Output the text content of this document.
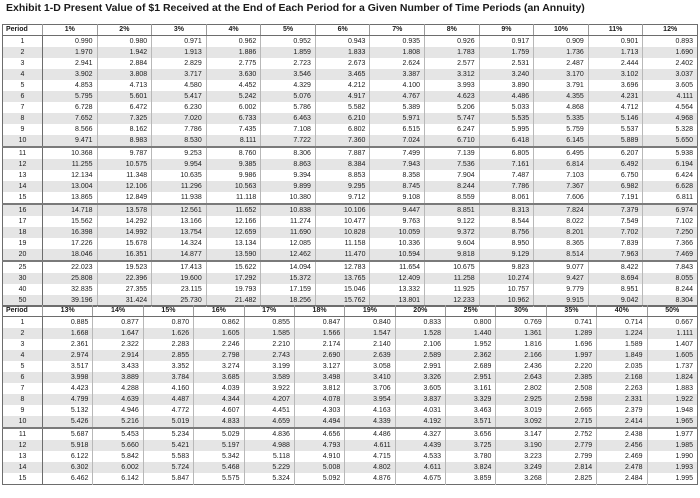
Exhibit 1-D Present Value of $1 Received at the End of Each Period for a Given Number of Time Periods (an Annuity)
Period	1%	2%	3%	4%	5%	6%	7%	8%	9%	10%	11%	12%
1	0.990	0.980	0.971	0.962	0.952	0.943	0.935	0.926	0.917	0.909	0.901	0.893
2	1.970	1.942	1.913	1.886	1.859	1.833	1.808	1.783	1.759	1.736	1.713	1.690
3	2.941	2.884	2.829	2.775	2.723	2.673	2.624	2.577	2.531	2.487	2.444	2.402
4	3.902	3.808	3.717	3.630	3.546	3.465	3.387	3.312	3.240	3.170	3.102	3.037
5	4.853	4.713	4.580	4.452	4.329	4.212	4.100	3.993	3.890	3.791	3.696	3.605
6	5.795	5.601	5.417	5.242	5.076	4.917	4.767	4.623	4.486	4.355	4.231	4.111
7	6.728	6.472	6.230	6.002	5.786	5.582	5.389	5.206	5.033	4.868	4.712	4.564
8	7.652	7.325	7.020	6.733	6.463	6.210	5.971	5.747	5.535	5.335	5.146	4.968
9	8.566	8.162	7.786	7.435	7.108	6.802	6.515	6.247	5.995	5.759	5.537	5.328
10	9.471	8.983	8.530	8.111	7.722	7.360	7.024	6.710	6.418	6.145	5.889	5.650
11	10.368	9.787	9.253	8.760	8.306	7.887	7.499	7.139	6.805	6.495	6.207	5.938
12	11.255	10.575	9.954	9.385	8.863	8.384	7.943	7.536	7.161	6.814	6.492	6.194
13	12.134	11.348	10.635	9.986	9.394	8.853	8.358	7.904	7.487	7.103	6.750	6.424
14	13.004	12.106	11.296	10.563	9.899	9.295	8.745	8.244	7.786	7.367	6.982	6.628
15	13.865	12.849	11.938	11.118	10.380	9.712	9.108	8.559	8.061	7.606	7.191	6.811
16	14.718	13.578	12.561	11.652	10.838	10.106	9.447	8.851	8.313	7.824	7.379	6.974
17	15.562	14.292	13.166	12.166	11.274	10.477	9.763	9.122	8.544	8.022	7.549	7.102
18	16.398	14.992	13.754	12.659	11.690	10.828	10.059	9.372	8.756	8.201	7.702	7.250
19	17.226	15.678	14.324	13.134	12.085	11.158	10.336	9.604	8.950	8.365	7.839	7.366
20	18.046	16.351	14.877	13.590	12.462	11.470	10.594	9.818	9.129	8.514	7.963	7.469
25	22.023	19.523	17.413	15.622	14.094	12.783	11.654	10.675	9.823	9.077	8.422	7.843
30	25.808	22.396	19.600	17.292	15.372	13.765	12.409	11.258	10.274	9.427	8.694	8.055
40	32.835	27.355	23.115	19.793	17.159	15.046	13.332	11.925	10.757	9.779	8.951	8.244
50	39.196	31.424	25.730	21.482	18.256	15.762	13.801	12.233	10.962	9.915	9.042	8.304
Period	13%	14%	15%	16%	17%	18%	19%	20%	25%	30%	35%	40%	50%
1	0.885	0.877	0.870	0.862	0.855	0.847	0.840	0.833	0.800	0.769	0.741	0.714	0.667
2	1.668	1.647	1.626	1.605	1.585	1.566	1.547	1.528	1.440	1.361	1.289	1.224	1.111
3	2.361	2.322	2.283	2.246	2.210	2.174	2.140	2.106	1.952	1.816	1.696	1.589	1.407
4	2.974	2.914	2.855	2.798	2.743	2.690	2.639	2.589	2.362	2.166	1.997	1.849	1.605
5	3.517	3.433	3.352	3.274	3.199	3.127	3.058	2.991	2.689	2.436	2.220	2.035	1.737
6	3.998	3.889	3.784	3.685	3.589	3.498	3.410	3.326	2.951	2.643	2.385	2.168	1.824
7	4.423	4.288	4.160	4.039	3.922	3.812	3.706	3.605	3.161	2.802	2.508	2.263	1.883
8	4.799	4.639	4.487	4.344	4.207	4.078	3.954	3.837	3.329	2.925	2.598	2.331	1.922
9	5.132	4.946	4.772	4.607	4.451	4.303	4.163	4.031	3.463	3.019	2.665	2.379	1.948
10	5.426	5.216	5.019	4.833	4.659	4.494	4.339	4.192	3.571	3.092	2.715	2.414	1.965
11	5.687	5.453	5.234	5.029	4.836	4.656	4.486	4.327	3.656	3.147	2.752	2.438	1.977
12	5.918	5.660	5.421	5.197	4.988	4.793	4.611	4.439	3.725	3.190	2.779	2.456	1.985
13	6.122	5.842	5.583	5.342	5.118	4.910	4.715	4.533	3.780	3.223	2.799	2.469	1.990
14	6.302	6.002	5.724	5.468	5.229	5.008	4.802	4.611	3.824	3.249	2.814	2.478	1.993
15	6.462	6.142	5.847	5.575	5.324	5.092	4.876	4.675	3.859	3.268	2.825	2.484	1.995
